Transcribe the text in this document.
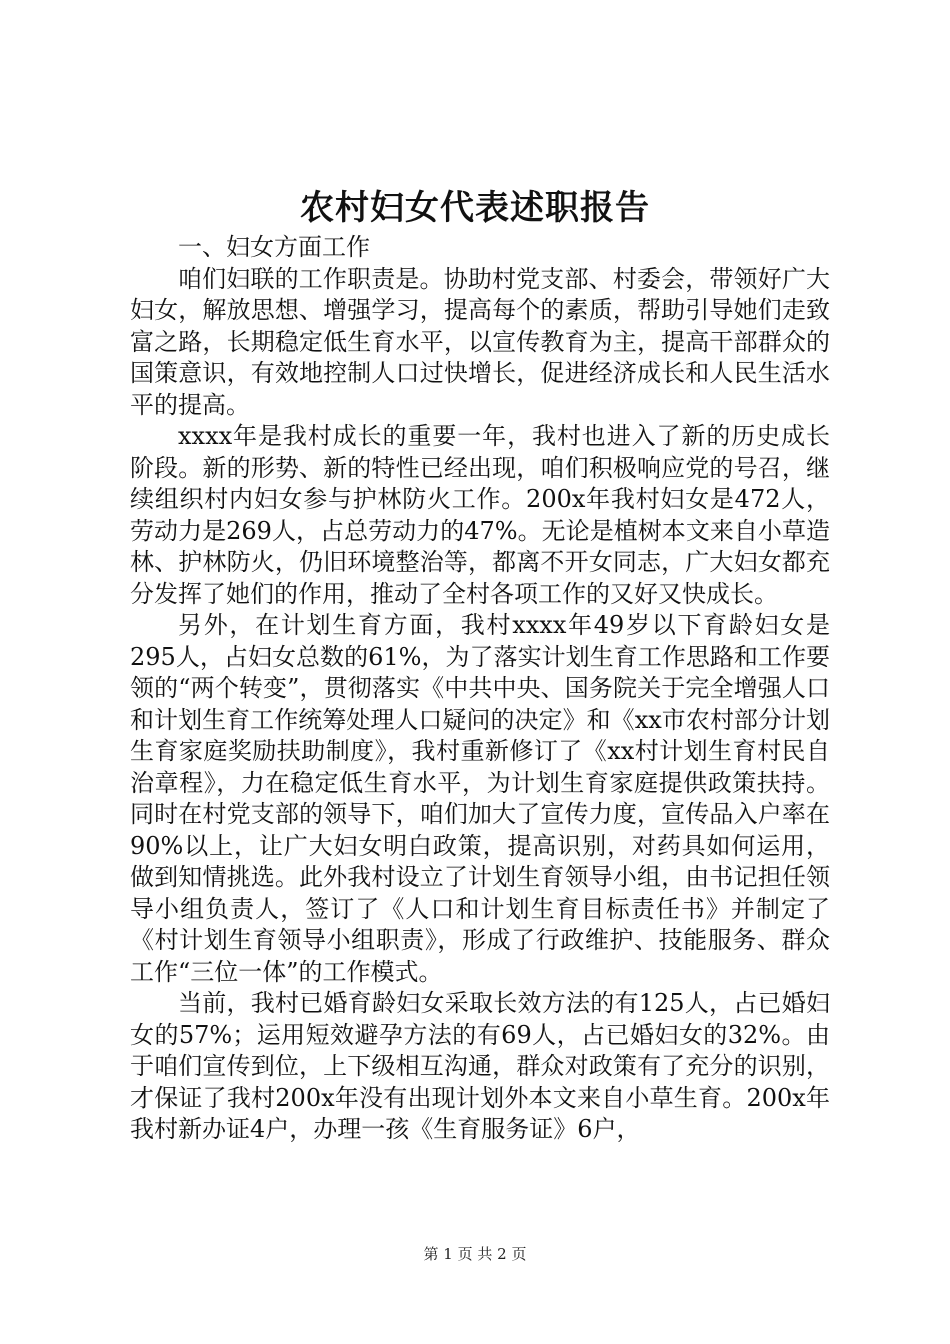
农村妇女代表述职报告

一、妇女方面工作

咱们妇联的工作职责是。协助村党支部、村委会，带领好广大妇女，解放思想、增强学习，提高每个的素质，帮助引导她们走致富之路，长期稳定低生育水平，以宣传教育为主，提高干部群众的国策意识，有效地控制人口过快增长，促进经济成长和人民生活水平的提高。

xxxx年是我村成长的重要一年，我村也进入了新的历史成长阶段。新的形势、新的特性已经出现，咱们积极响应党的号召，继续组织村内妇女参与护林防火工作。200x年我村妇女是472人，劳动力是269人，占总劳动力的47%。无论是植树本文来自小草造林、护林防火，仍旧环境整治等，都离不开女同志，广大妇女都充分发挥了她们的作用，推动了全村各项工作的又好又快成长。

另外，在计划生育方面，我村xxxx年49岁以下育龄妇女是295人，占妇女总数的61%，为了落实计划生育工作思路和工作要领的“两个转变”，贯彻落实《中共中央、国务院关于完全增强人口和计划生育工作统筹处理人口疑问的决定》和《xx市农村部分计划生育家庭奖励扶助制度》，我村重新修订了《xx村计划生育村民自治章程》，力在稳定低生育水平，为计划生育家庭提供政策扶持。同时在村党支部的领导下，咱们加大了宣传力度，宣传品入户率在90%以上，让广大妇女明白政策，提高识别，对药具如何运用，做到知情挑选。此外我村设立了计划生育领导小组，由书记担任领导小组负责人，签订了《人口和计划生育目标责任书》并制定了《村计划生育领导小组职责》，形成了行政维护、技能服务、群众工作“三位一体”的工作模式。

当前，我村已婚育龄妇女采取长效方法的有125人，占已婚妇女的57%；运用短效避孕方法的有69人，占已婚妇女的32%。由于咱们宣传到位，上下级相互沟通，群众对政策有了充分的识别，才保证了我村200x年没有出现计划外本文来自小草生育。200x年我村新办证4户，办理一孩《生育服务证》6户，

第 1 页 共 2 页
